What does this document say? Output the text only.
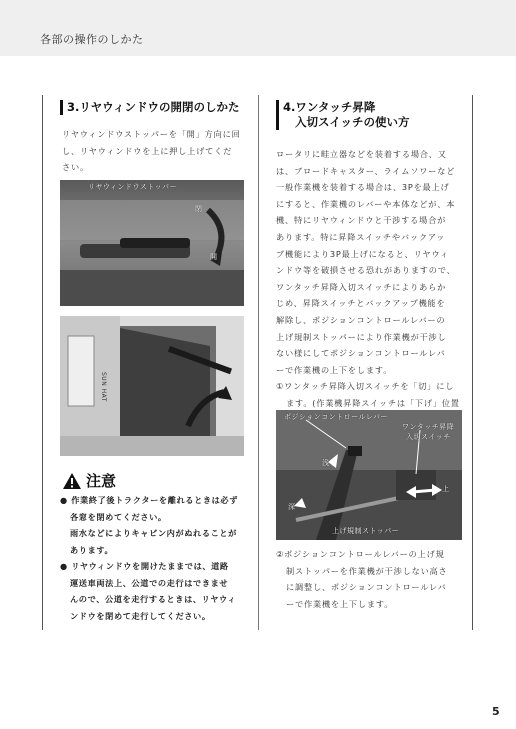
各部の操作のしかた
3.リヤウィンドウの開閉のしかた
リヤウィンドウストッパーを「開」方向に回
し、リヤウィンドウを上に押し上げてくだ
さい。
リヤウィンドウストッパー
閉
開
SUN HAT
注意
● 作業終了後トラクターを離れるときは必ず
各窓を閉めてください。
雨水などによりキャビン内がぬれることが
あります。
● リヤウィンドウを開けたままでは、道路
運送車両法上、公道での走行はできませ
んので、公道を走行するときは、リヤウィ
ンドウを閉めて走行してください。
4.ワンタッチ昇降
入切スイッチの使い方
ロータリに畦立器などを装着する場合、又
は、ブロードキャスター、ライムソワーなど
一般作業機を装着する場合は、3Pを最上げ
にすると、作業機のレバーや本体などが、本
機、特にリヤウィンドウと干渉する場合が
あります。特に昇降スイッチやバックアッ
プ機能により3P最上げになると、リヤウィ
ンドウ等を破損させる恐れがありますので、
ワンタッチ昇降入切スイッチによりあらか
じめ、昇降スイッチとバックアップ機能を
解除し、ポジションコントロールレバーの
上げ規制ストッパーにより作業機が干渉し
ない様にしてポジションコントロールレバ
ーで作業機の上下をします。
①ワンタッチ昇降入切スイッチを「切」にし
ます。(作業機昇降スイッチは「下げ」位置
ポジションコントロールレバー
ワンタッチ昇降
入切スイッチ
浅
深
上
上げ規制ストッパー
②ポジションコントロールレバーの上げ規
制ストッパーを作業機が干渉しない高さ
に調整し、ポジションコントロールレバ
ーで作業機を上下します。
5
